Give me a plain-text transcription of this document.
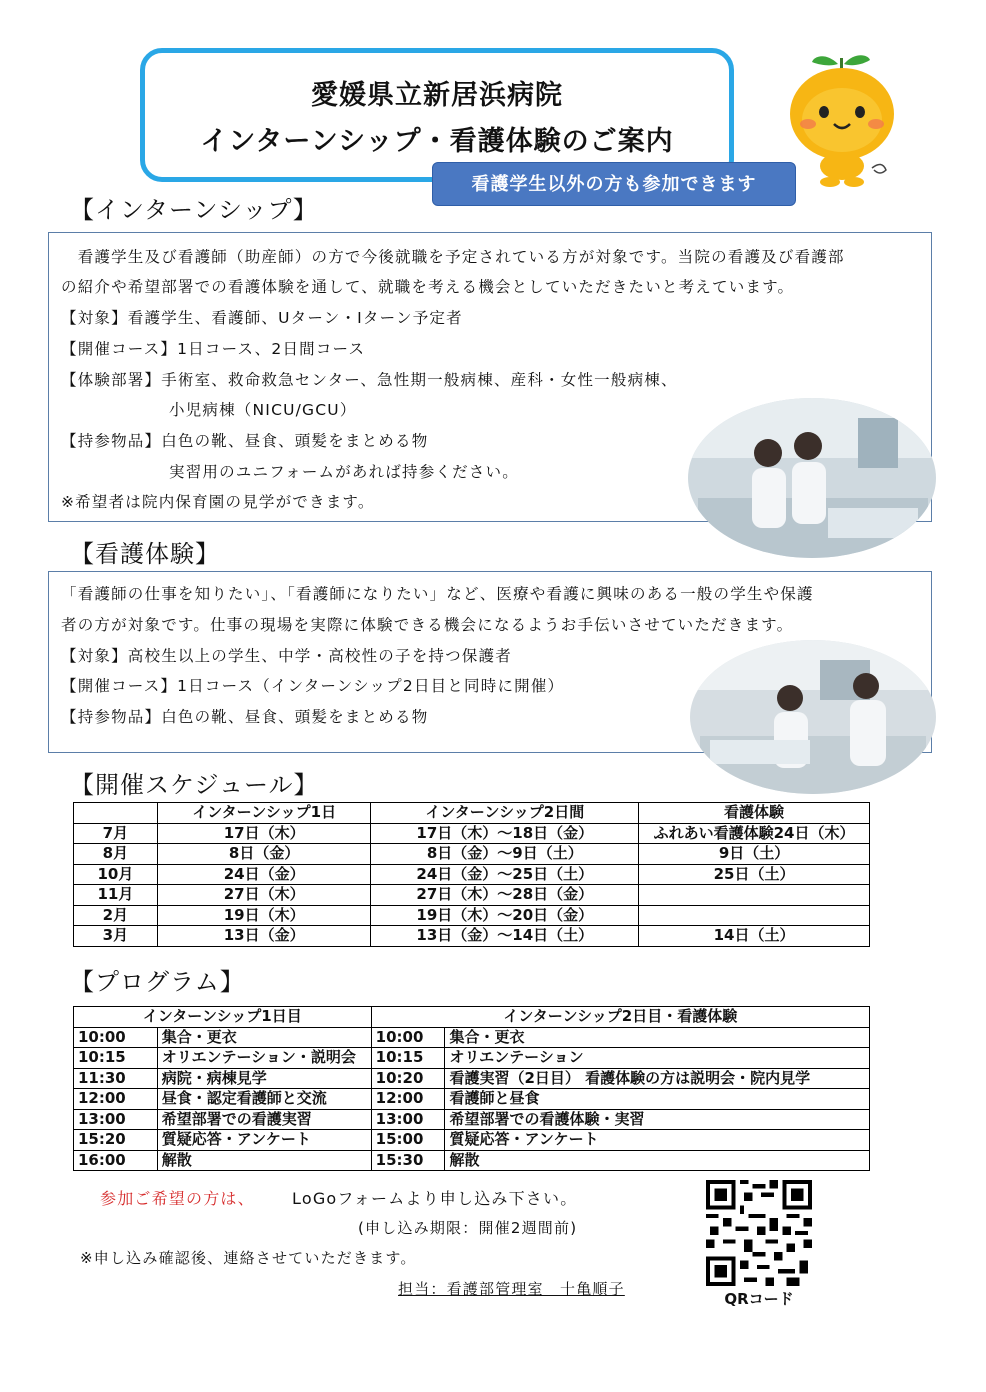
愛媛県立新居浜病院
インターンシップ・看護体験のご案内
看護学生以外の方も参加できます
【インターンシップ】
　看護学生及び看護師（助産師）の方で今後就職を予定されている方が対象です。当院の看護及び看護部
の紹介や希望部署での看護体験を通して、就職を考える機会としていただきたいと考えています。
【対象】看護学生、看護師、Uターン・Iターン予定者
【開催コース】1日コース、2日間コース
【体験部署】手術室、救命救急センター、急性期一般病棟、産科・女性一般病棟、
小児病棟（NICU/GCU）
【持参物品】白色の靴、昼食、頭髪をまとめる物
実習用のユニフォームがあれば持参ください。
※希望者は院内保育園の見学ができます。
【看護体験】
「看護師の仕事を知りたい」、「看護師になりたい」など、医療や看護に興味のある一般の学生や保護
者の方が対象です。仕事の現場を実際に体験できる機会になるようお手伝いさせていただきます。
【対象】高校生以上の学生、中学・高校性の子を持つ保護者
【開催コース】1日コース（インターンシップ2日目と同時に開催）
【持参物品】白色の靴、昼食、頭髪をまとめる物
【開催スケジュール】
	インターンシップ1日	インターンシップ2日間	看護体験
7月	17日（木）	17日（木）～18日（金）	ふれあい看護体験24日（木）
8月	8日（金）	8日（金）～9日（土）	9日（土）
10月	24日（金）	24日（金）～25日（土）	25日（土）
11月	27日（木）	27日（木）～28日（金）	
2月	19日（木）	19日（木）～20日（金）	
3月	13日（金）	13日（金）～14日（土）	14日（土）
【プログラム】
インターンシップ1日目		インターンシップ2日目・看護体験	
10:00	集合・更衣	10:00	集合・更衣
10:15	オリエンテーション・説明会	10:15	オリエンテーション
11:30	病院・病棟見学	10:20	看護実習（2日目） 看護体験の方は説明会・院内見学
12:00	昼食・認定看護師と交流	12:00	看護師と昼食
13:00	希望部署での看護実習	13:00	希望部署での看護体験・実習
15:20	質疑応答・アンケート	15:00	質疑応答・アンケート
16:00	解散	15:30	解散
参加ご希望の方は、 LoGoフォームより申し込み下さい。
(申し込み期限：開催2週間前)
※申し込み確認後、連絡させていただきます。
担当：看護部管理室　十亀順子
QRコード
